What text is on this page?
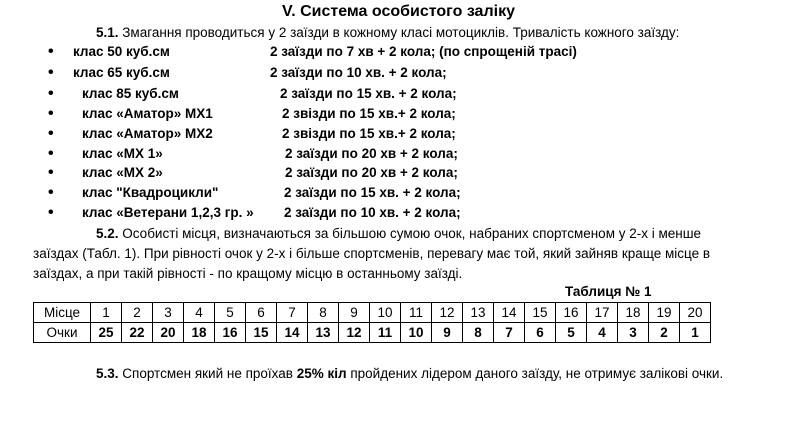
V. Система особистого заліку
5.1. Змагання проводиться у 2 заїзди в кожному класі мотоциклів. Тривалість кожного заїзду:
• клас 50 куб.см	2 заїзди по 7 хв + 2 кола; (по спрощеній трасі)
• клас 65 куб.см	2 заїзди по 10 хв. + 2 кола;
• клас 85 куб.см	2 заїзди по 15 хв. + 2 кола;
• клас «Аматор» МХ1	2 звізди по 15 хв.+ 2 кола;
• клас «Аматор» МХ2	2 звізди по 15 хв.+ 2 кола;
• клас «МХ 1»	2 заїзди по 20 хв + 2 кола;
• клас «МХ 2»	2 заїзди по 20 хв + 2 кола;
• клас "Квадроцикли"	2 заїзди по 15 хв. + 2 кола;
• клас «Ветерани 1,2,3 гр. » 2 заїзди по 10 хв. + 2 кола;
5.2. Особисті місця, визначаються за більшою сумою очок, набраних спортсменом у 2-х і менше заїздах (Табл. 1). При рівності очок у 2-х і більше спортсменів, перевагу має той, який зайняв краще місце в заїздах, а при такій рівності - по кращому місцю в останньому заїзді.
Таблиця № 1
Місце	1	2	3	4	5	6	7	8	9	10	11	12	13	14	15	16	17	18	19	20
Очки	25	22	20	18	16	15	14	13	12	11	10	9	8	7	6	5	4	3	2	1
5.3. Спортсмен який не проїхав 25% кіл пройдених лідером даного заїзду, не отримує залікові очки.
